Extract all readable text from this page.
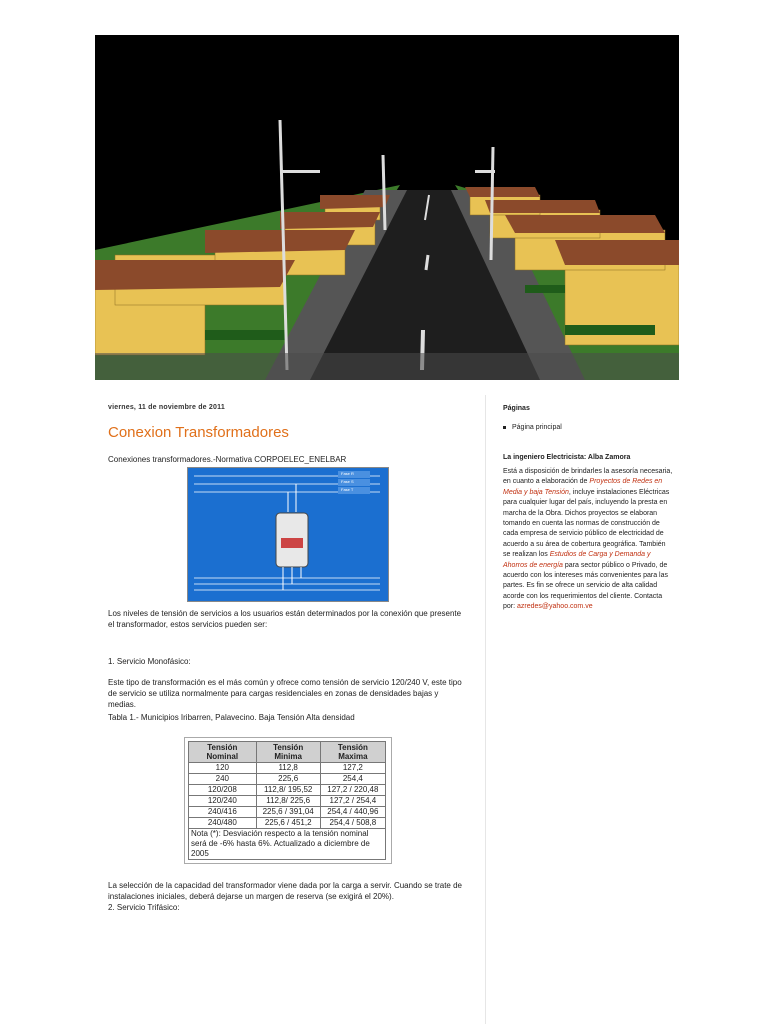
viernes, 11 de noviembre de 2011
Conexion Transformadores
Conexiones transformadores.-Normativa CORPOELEC_ENELBAR
Fase R
Fase S
Fase T
Los niveles de tensión de servicios a los usuarios están determinados por la conexión que presente el transformador, estos servicios pueden ser:
1. Servicio Monofásico:
Este tipo de transformación es el más común y ofrece como tensión de servicio 120/240 V, este tipo de servicio se utiliza normalmente para cargas residenciales en zonas de densidades bajas y medias.
Tabla 1.- Municipios Iribarren, Palavecino. Baja Tensión Alta densidad
Tensión Nominal	Tensión Minima	Tensión Maxima
120	112,8	127,2
240	225,6	254,4
120/208	112,8/ 195,52	127,2 / 220,48
120/240	112,8/ 225,6	127,2 / 254,4
240/416	225,6 / 391,04	254,4 / 440,96
240/480	225,6 / 451,2	254,4 / 508,8
Nota (*): Desviación respecto a la tensión nominal será de -6% hasta 6%. Actualizado a diciembre de 2005		
La selección de la capacidad del transformador viene dada por la carga a servir. Cuando se trate de instalaciones iniciales, deberá dejarse un margen de reserva (se exigirá el 20%).
2. Servicio Trifásico:
Páginas
Página principal
La ingeniero Electricista: Alba Zamora

Está a disposición de brindarles la asesoría necesaria, en cuanto a elaboración de Proyectos de Redes en Media y baja Tensión, incluye instalaciones Eléctricas para cualquier lugar del país, incluyendo la presta en marcha de la Obra. Dichos proyectos se elaboran tomando en cuenta las normas de construcción de cada empresa de servicio público de electricidad de acuerdo a su área de cobertura geográfica. También se realizan los Estudios de Carga y Demanda y Ahorros de energía para sector público o Privado, de acuerdo con los intereses más convenientes para las partes. Es fin se ofrece un servicio de alta calidad acorde con los requerimientos del cliente. Contacta por: azredes@yahoo.com.ve
